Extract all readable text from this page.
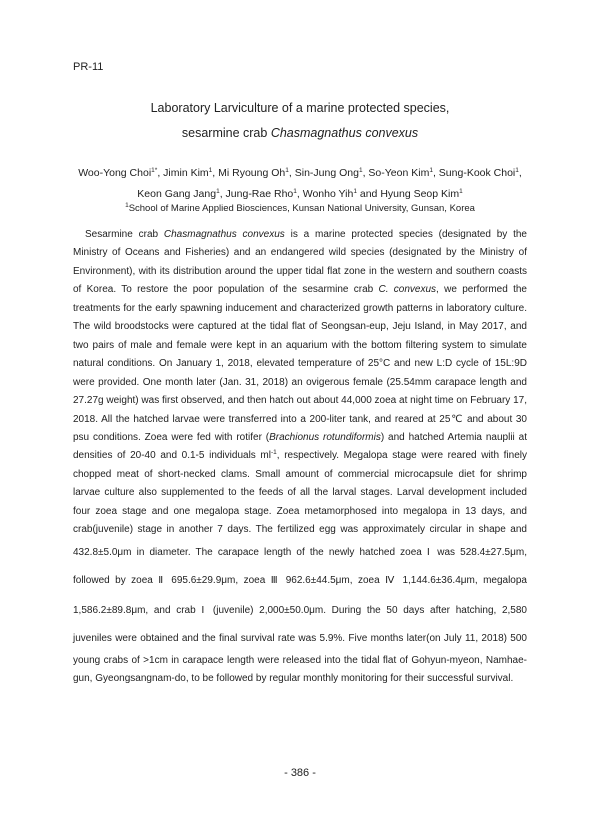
PR-11
Laboratory Larviculture of a marine protected species,
sesarmine crab Chasmagnathus convexus
Woo-Yong Choi$^{1*}$, Jimin Kim$^1$, Mi Ryoung Oh$^1$, Sin-Jung Ong$^1$, So-Yeon Kim$^1$, Sung-Kook Choi$^1$,
Keon Gang Jang$^1$, Jung-Rae Rho$^1$, Wonho Yih$^1$ and Hyung Seop Kim$^1$
$^1$School of Marine Applied Biosciences, Kunsan National University, Gunsan, Korea
Sesarmine crab Chasmagnathus convexus is a marine protected species (designated by the
Ministry of Oceans and Fisheries) and an endangered wild species (designated by the Ministry of
Environment), with its distribution around the upper tidal flat zone in the western and southern coasts
of Korea. To restore the poor population of the sesarmine crab C. convexus, we performed the
treatments for the early spawning inducement and characterized growth patterns in laboratory culture.
The wild broodstocks were captured at the tidal flat of Seongsan-eup, Jeju Island, in May 2017, and
two pairs of male and female were kept in an aquarium with the bottom filtering system to simulate
natural conditions. On January 1, 2018, elevated temperature of 25°C and new L:D cycle of 15L:9D
were provided. One month later (Jan. 31, 2018) an ovigerous female (25.54mm carapace length and
27.27g weight) was first observed, and then hatch out about 44,000 zoea at night time on February 17,
2018. All the hatched larvae were transferred into a 200-liter tank, and reared at 25℃ and about 30
psu conditions. Zoea were fed with rotifer (Brachionus rotundiformis) and hatched Artemia nauplii at
densities of 20-40 and 0.1-5 individuals $ml^{-1}$, respectively. Megalopa stage were reared with finely
chopped meat of short-necked clams. Small amount of commercial microcapsule diet for shrimp
larvae culture also supplemented to the feeds of all the larval stages. Larval development included
four zoea stage and one megalopa stage. Zoea metamorphosed into megalopa in 13 days, and
crab(juvenile) stage in another 7 days. The fertilized egg was approximately circular in shape and
432.8±5.0μm in diameter. The carapace length of the newly hatched zoea Ⅰ was 528.4±27.5μm,
followed by zoea Ⅱ 695.6±29.9μm, zoea Ⅲ 962.6±44.5μm, zoea Ⅳ 1,144.6±36.4μm, megalopa
1,586.2±89.8μm, and crab Ⅰ (juvenile) 2,000±50.0μm. During the 50 days after hatching, 2,580
juveniles were obtained and the final survival rate was 5.9%. Five months later(on July 11, 2018) 500
young crabs of >1cm in carapace length were released into the tidal flat of Gohyun-myeon, Namhae-
gun, Gyeongsangnam-do, to be followed by regular monthly monitoring for their successful survival.
- 386 -
